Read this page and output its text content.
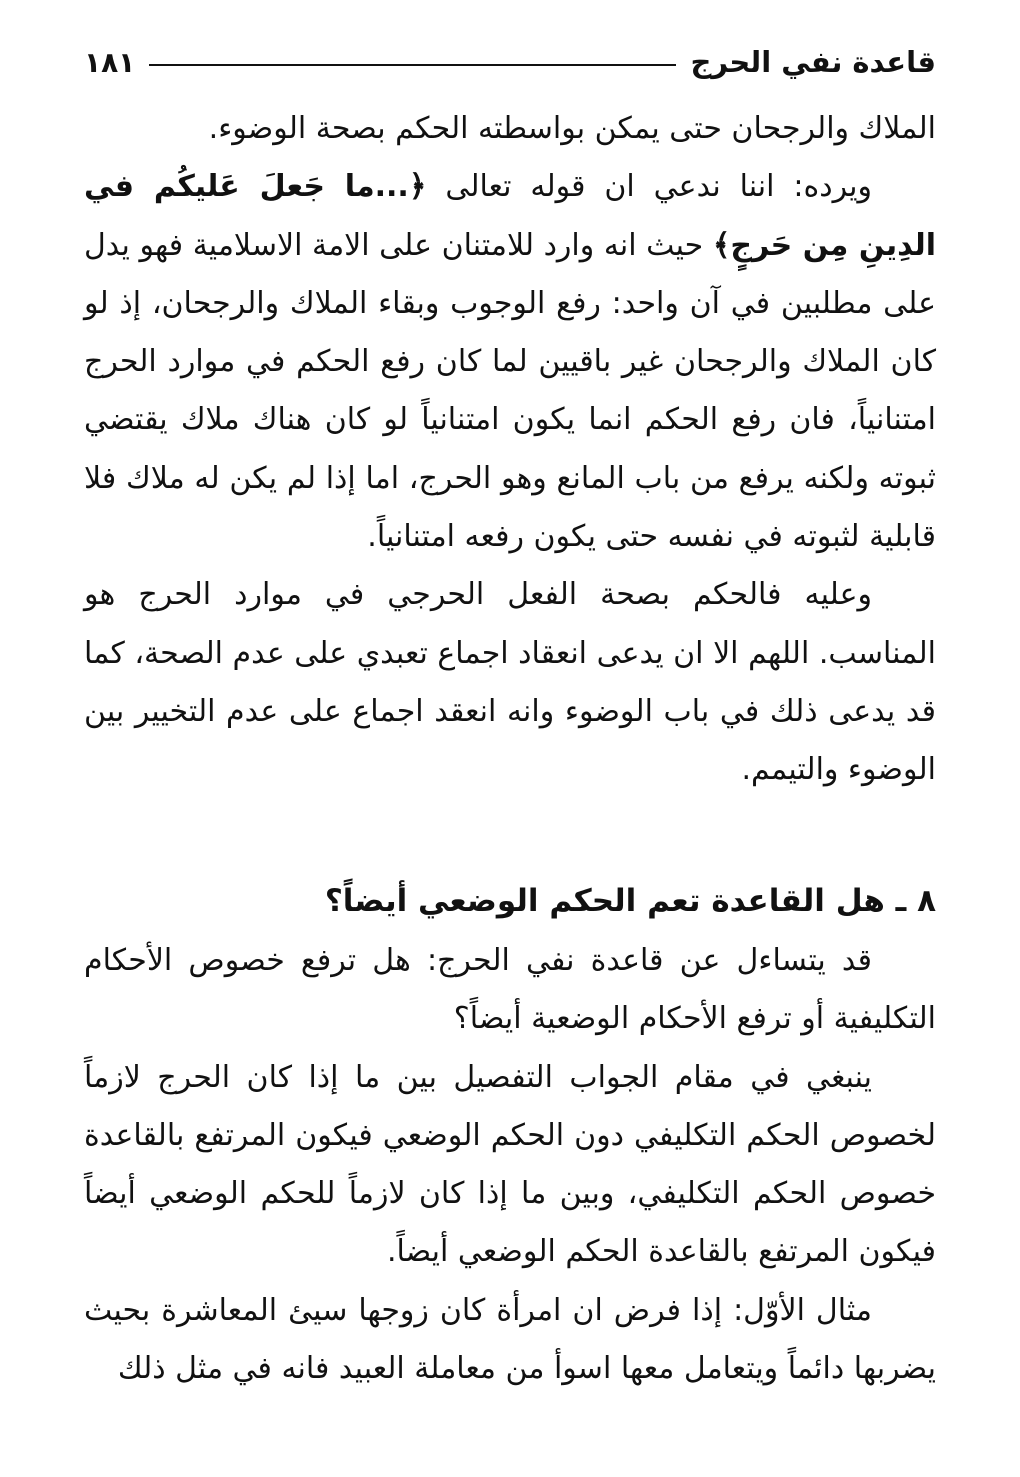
قاعدة نفي الحرج
١٨١

الملاك والرجحان حتى يمكن بواسطته الحكم بصحة الوضوء.

ويرده: اننا ندعي ان قوله تعالى ﴿...ما جَعلَ عَليكُم في الدِينِ مِن حَرجٍ﴾ حيث انه وارد للامتنان على الامة الاسلامية فهو يدل على مطلبين في آن واحد: رفع الوجوب وبقاء الملاك والرجحان، إذ لو كان الملاك والرجحان غير باقيين لما كان رفع الحكم في موارد الحرج امتنانياً، فان رفع الحكم انما يكون امتنانياً لو كان هناك ملاك يقتضي ثبوته ولكنه يرفع من باب المانع وهو الحرج، اما إذا لم يكن له ملاك فلا قابلية لثبوته في نفسه حتى يكون رفعه امتنانياً.

وعليه فالحكم بصحة الفعل الحرجي في موارد الحرج هو المناسب. اللهم الا ان يدعى انعقاد اجماع تعبدي على عدم الصحة، كما قد يدعى ذلك في باب الوضوء وانه انعقد اجماع على عدم التخيير بين الوضوء والتيمم.

٨ ـ هل القاعدة تعم الحكم الوضعي أيضاً؟

قد يتساءل عن قاعدة نفي الحرج: هل ترفع خصوص الأحكام التكليفية أو ترفع الأحكام الوضعية أيضاً؟

ينبغي في مقام الجواب التفصيل بين ما إذا كان الحرج لازماً لخصوص الحكم التكليفي دون الحكم الوضعي فيكون المرتفع بالقاعدة خصوص الحكم التكليفي، وبين ما إذا كان لازماً للحكم الوضعي أيضاً فيكون المرتفع بالقاعدة الحكم الوضعي أيضاً.

مثال الأوّل: إذا فرض ان امرأة كان زوجها سيئ المعاشرة بحيث يضربها دائماً ويتعامل معها اسوأ من معاملة العبيد فانه في مثل ذلك
